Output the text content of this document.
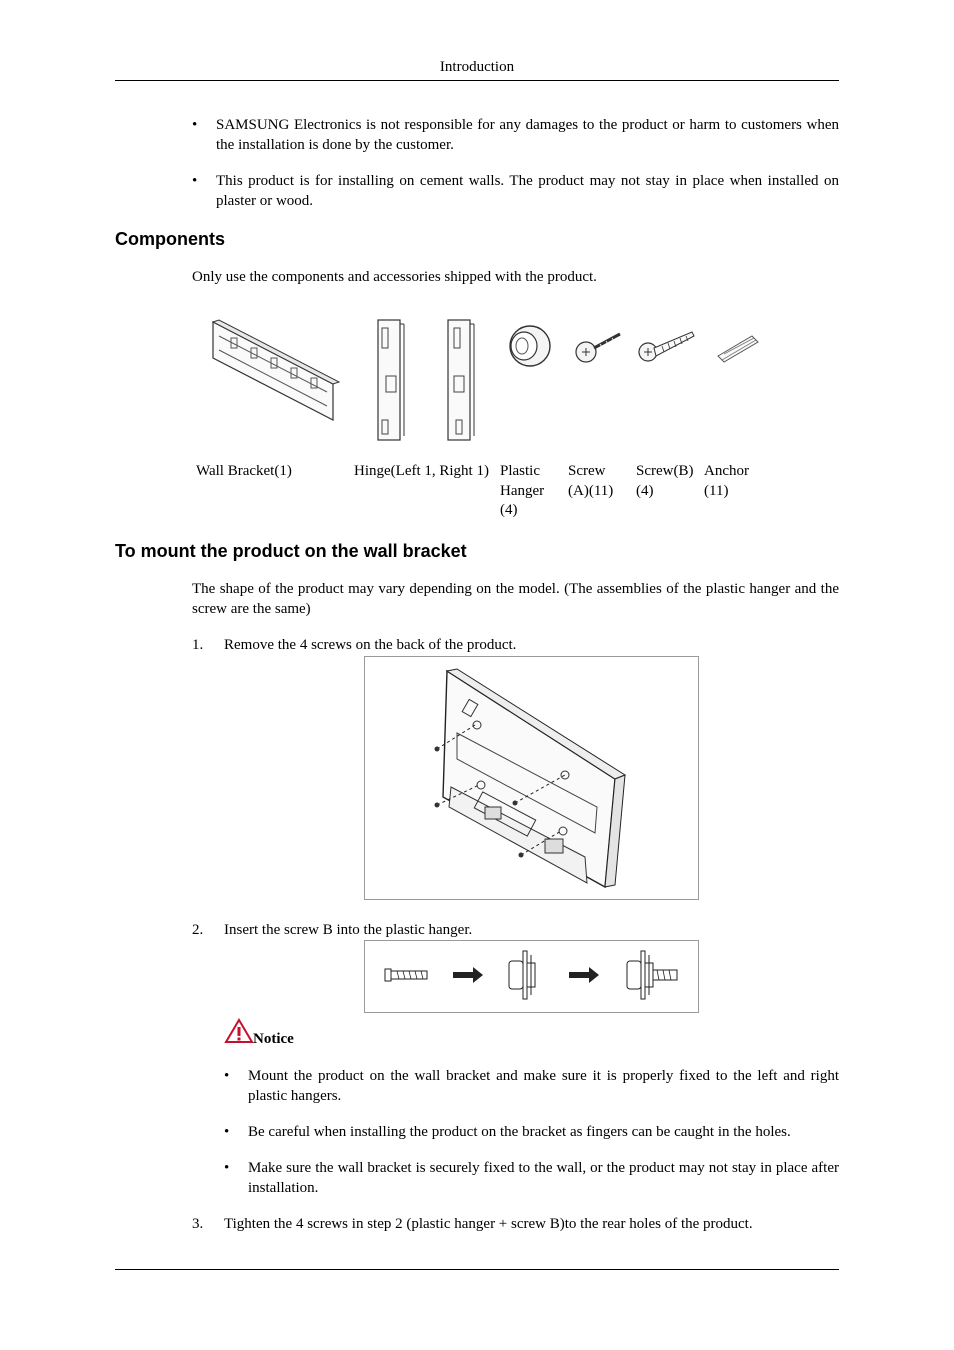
Introduction
• SAMSUNG Electronics is not responsible for any damages to the product or harm to customers when the installation is done by the customer.
• This product is for installing on cement walls. The product may not stay in place when installed on plaster or wood.
Components
Only use the components and accessories shipped with the product.
Wall Bracket(1)	Hinge(Left 1, Right 1) Plastic Hanger (4)
Screw (A)(11)
Screw(B) (4)
Anchor (11)
To mount the product on the wall bracket
The shape of the product may vary depending on the model. (The assemblies of the plastic hanger and the screw are the same)
1. Remove the 4 screws on the back of the product.
2. Insert the screw B into the plastic hanger.
Notice
• Mount the product on the wall bracket and make sure it is properly fixed to the left and right plastic hangers.
• Be careful when installing the product on the bracket as fingers can be caught in the holes.
• Make sure the wall bracket is securely fixed to the wall, or the product may not stay in place after installation.
3. Tighten the 4 screws in step 2 (plastic hanger + screw B)to the rear holes of the product.
